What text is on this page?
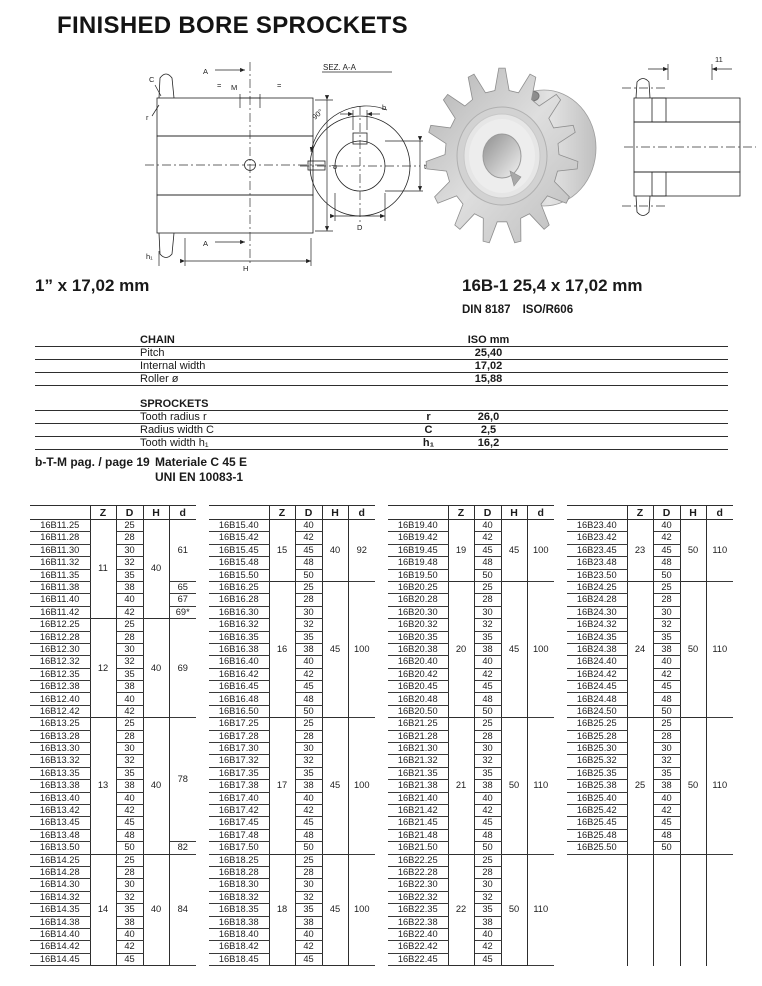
FINISHED BORE SPROCKETS
A
A
C
r
M
=	=
d
h₁
H
SEZ. A-A
b
90°
t
D
11
1” x 17,02 mm	16B-1 25,4 x 17,02 mm
DIN 8187 ISO/R606
CHAIN	ISO mm
Pitch	25,40
Internal width	17,02
Roller ø	15,88
SPROCKETS
Tooth radius r	r	26,0
Radius width C	C	2,5
Tooth width h₁	h₁	16,2
b-T-M pag. / page 19 Materiale C 45 E
UNI EN 10083-1
	Z	D	H	d
16B11.25	11	25	40	61
16B11.28		28		
16B11.30		30		
16B11.32		32		
16B11.35		35		
16B11.38		38		65
16B11.40		40		67
16B11.42		42		69*
16B12.25	12	25	40	69
16B12.28		28		
16B12.30		30		
16B12.32		32		
16B12.35		35		
16B12.38		38		
16B12.40		40		
16B12.42		42		
16B13.25	13	25	40	78
16B13.28		28		
16B13.30		30		
16B13.32		32		
16B13.35		35		
16B13.38		38		
16B13.40		40		
16B13.42		42		
16B13.45		45		
16B13.48		48		
16B13.50		50		82
16B14.25	14	25	40	84
16B14.28		28		
16B14.30		30		
16B14.32		32		
16B14.35		35		
16B14.38		38		
16B14.40		40		
16B14.42		42		
16B14.45		45		
	Z	D	H	d
16B15.40	15	40	40	92
16B15.42		42		
16B15.45		45		
16B15.48		48		
16B15.50		50		
16B16.25	16	25	45	100
16B16.28		28		
16B16.30		30		
16B16.32		32		
16B16.35		35		
16B16.38		38		
16B16.40		40		
16B16.42		42		
16B16.45		45		
16B16.48		48		
16B16.50		50		
16B17.25	17	25	45	100
16B17.28		28		
16B17.30		30		
16B17.32		32		
16B17.35		35		
16B17.38		38		
16B17.40		40		
16B17.42		42		
16B17.45		45		
16B17.48		48		
16B17.50		50		
16B18.25	18	25	45	100
16B18.28		28		
16B18.30		30		
16B18.32		32		
16B18.35		35		
16B18.38		38		
16B18.40		40		
16B18.42		42		
16B18.45		45		
	Z	D	H	d
16B19.40	19	40	45	100
16B19.42		42		
16B19.45		45		
16B19.48		48		
16B19.50		50		
16B20.25	20	25	45	100
16B20.28		28		
16B20.30		30		
16B20.32		32		
16B20.35		35		
16B20.38		38		
16B20.40		40		
16B20.42		42		
16B20.45		45		
16B20.48		48		
16B20.50		50		
16B21.25	21	25	50	110
16B21.28		28		
16B21.30		30		
16B21.32		32		
16B21.35		35		
16B21.38		38		
16B21.40		40		
16B21.42		42		
16B21.45		45		
16B21.48		48		
16B21.50		50		
16B22.25	22	25	50	110
16B22.28		28		
16B22.30		30		
16B22.32		32		
16B22.35		35		
16B22.38		38		
16B22.40		40		
16B22.42		42		
16B22.45		45		
	Z	D	H	d
16B23.40	23	40	50	110
16B23.42		42		
16B23.45		45		
16B23.48		48		
16B23.50		50		
16B24.25	24	25	50	110
16B24.28		28		
16B24.30		30		
16B24.32		32		
16B24.35		35		
16B24.38		38		
16B24.40		40		
16B24.42		42		
16B24.45		45		
16B24.48		48		
16B24.50		50		
16B25.25	25	25	50	110
16B25.28		28		
16B25.30		30		
16B25.32		32		
16B25.35		35		
16B25.38		38		
16B25.40		40		
16B25.42		42		
16B25.45		45		
16B25.48		48		
16B25.50		50		
